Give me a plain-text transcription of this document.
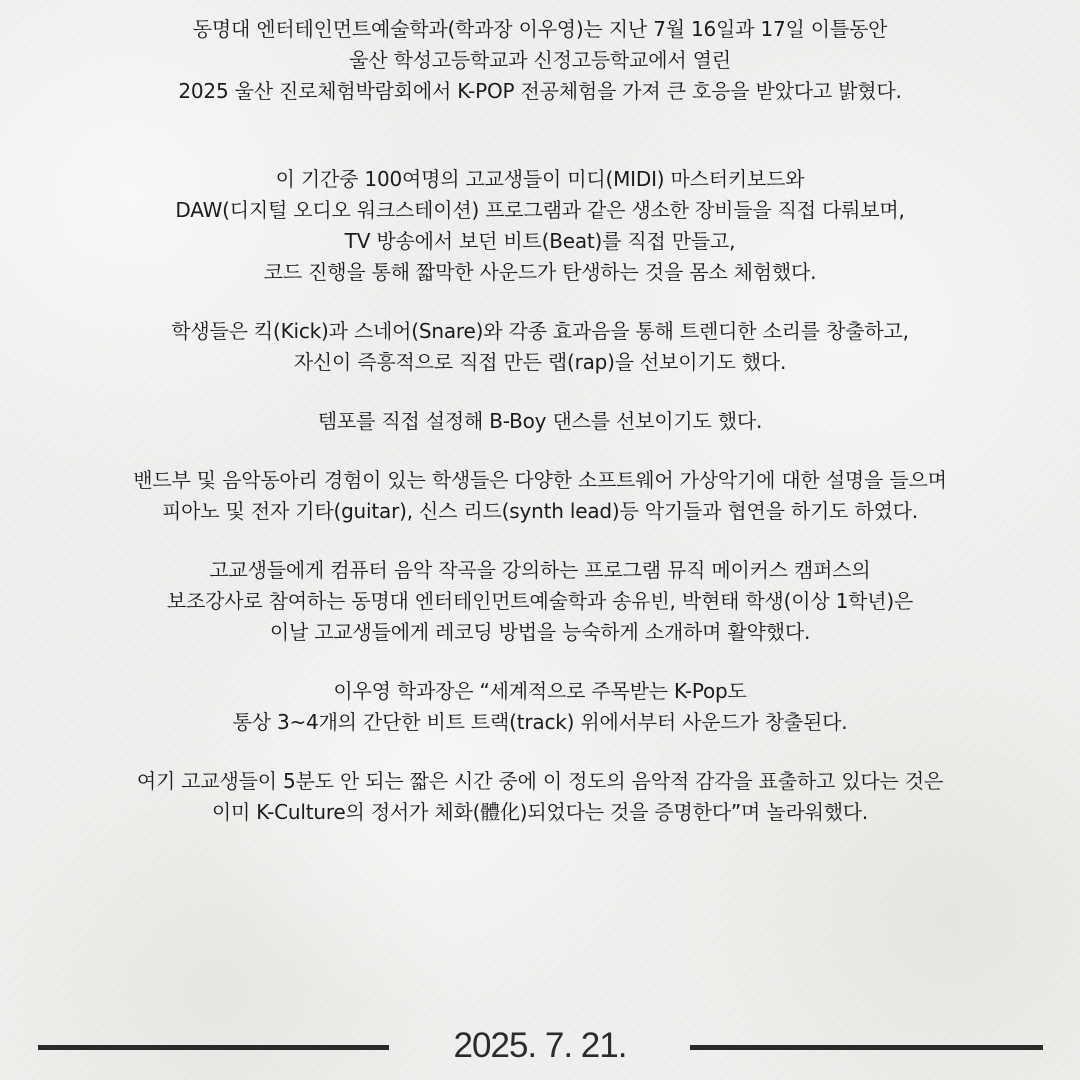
동명대 엔터테인먼트예술학과(학과장 이우영)는 지난 7월 16일과 17일 이틀동안
울산 학성고등학교과 신정고등학교에서 열린
2025 울산 진로체험박람회에서 K-POP 전공체험을 가져 큰 호응을 받았다고 밝혔다.
이 기간중 100여명의 고교생들이 미디(MIDI) 마스터키보드와
DAW(디지털 오디오 워크스테이션) 프로그램과 같은 생소한 장비들을 직접 다뤄보며,
TV 방송에서 보던 비트(Beat)를 직접 만들고,
코드 진행을 통해 짧막한 사운드가 탄생하는 것을 몸소 체험했다.
학생들은 킥(Kick)과 스네어(Snare)와 각종 효과음을 통해 트렌디한 소리를 창출하고,
자신이 즉흥적으로 직접 만든 랩(rap)을 선보이기도 했다.
템포를 직접 설정해 B-Boy 댄스를 선보이기도 했다.
밴드부 및 음악동아리 경험이 있는 학생들은 다양한 소프트웨어 가상악기에 대한 설명을 들으며
피아노 및 전자 기타(guitar), 신스 리드(synth lead)등 악기들과 협연을 하기도 하였다.
고교생들에게 컴퓨터 음악 작곡을 강의하는 프로그램 뮤직 메이커스 캠퍼스의
보조강사로 참여하는 동명대 엔터테인먼트예술학과 송유빈, 박현태 학생(이상 1학년)은
이날 고교생들에게 레코딩 방법을 능숙하게 소개하며 활약했다.
이우영 학과장은 “세계적으로 주목받는 K-Pop도
통상 3~4개의 간단한 비트 트랙(track) 위에서부터 사운드가 창출된다.
여기 고교생들이 5분도 안 되는 짧은 시간 중에 이 정도의 음악적 감각을 표출하고 있다는 것은
이미 K-Culture의 정서가 체화(體化)되었다는 것을 증명한다”며 놀라워했다.
2025. 7. 21.
